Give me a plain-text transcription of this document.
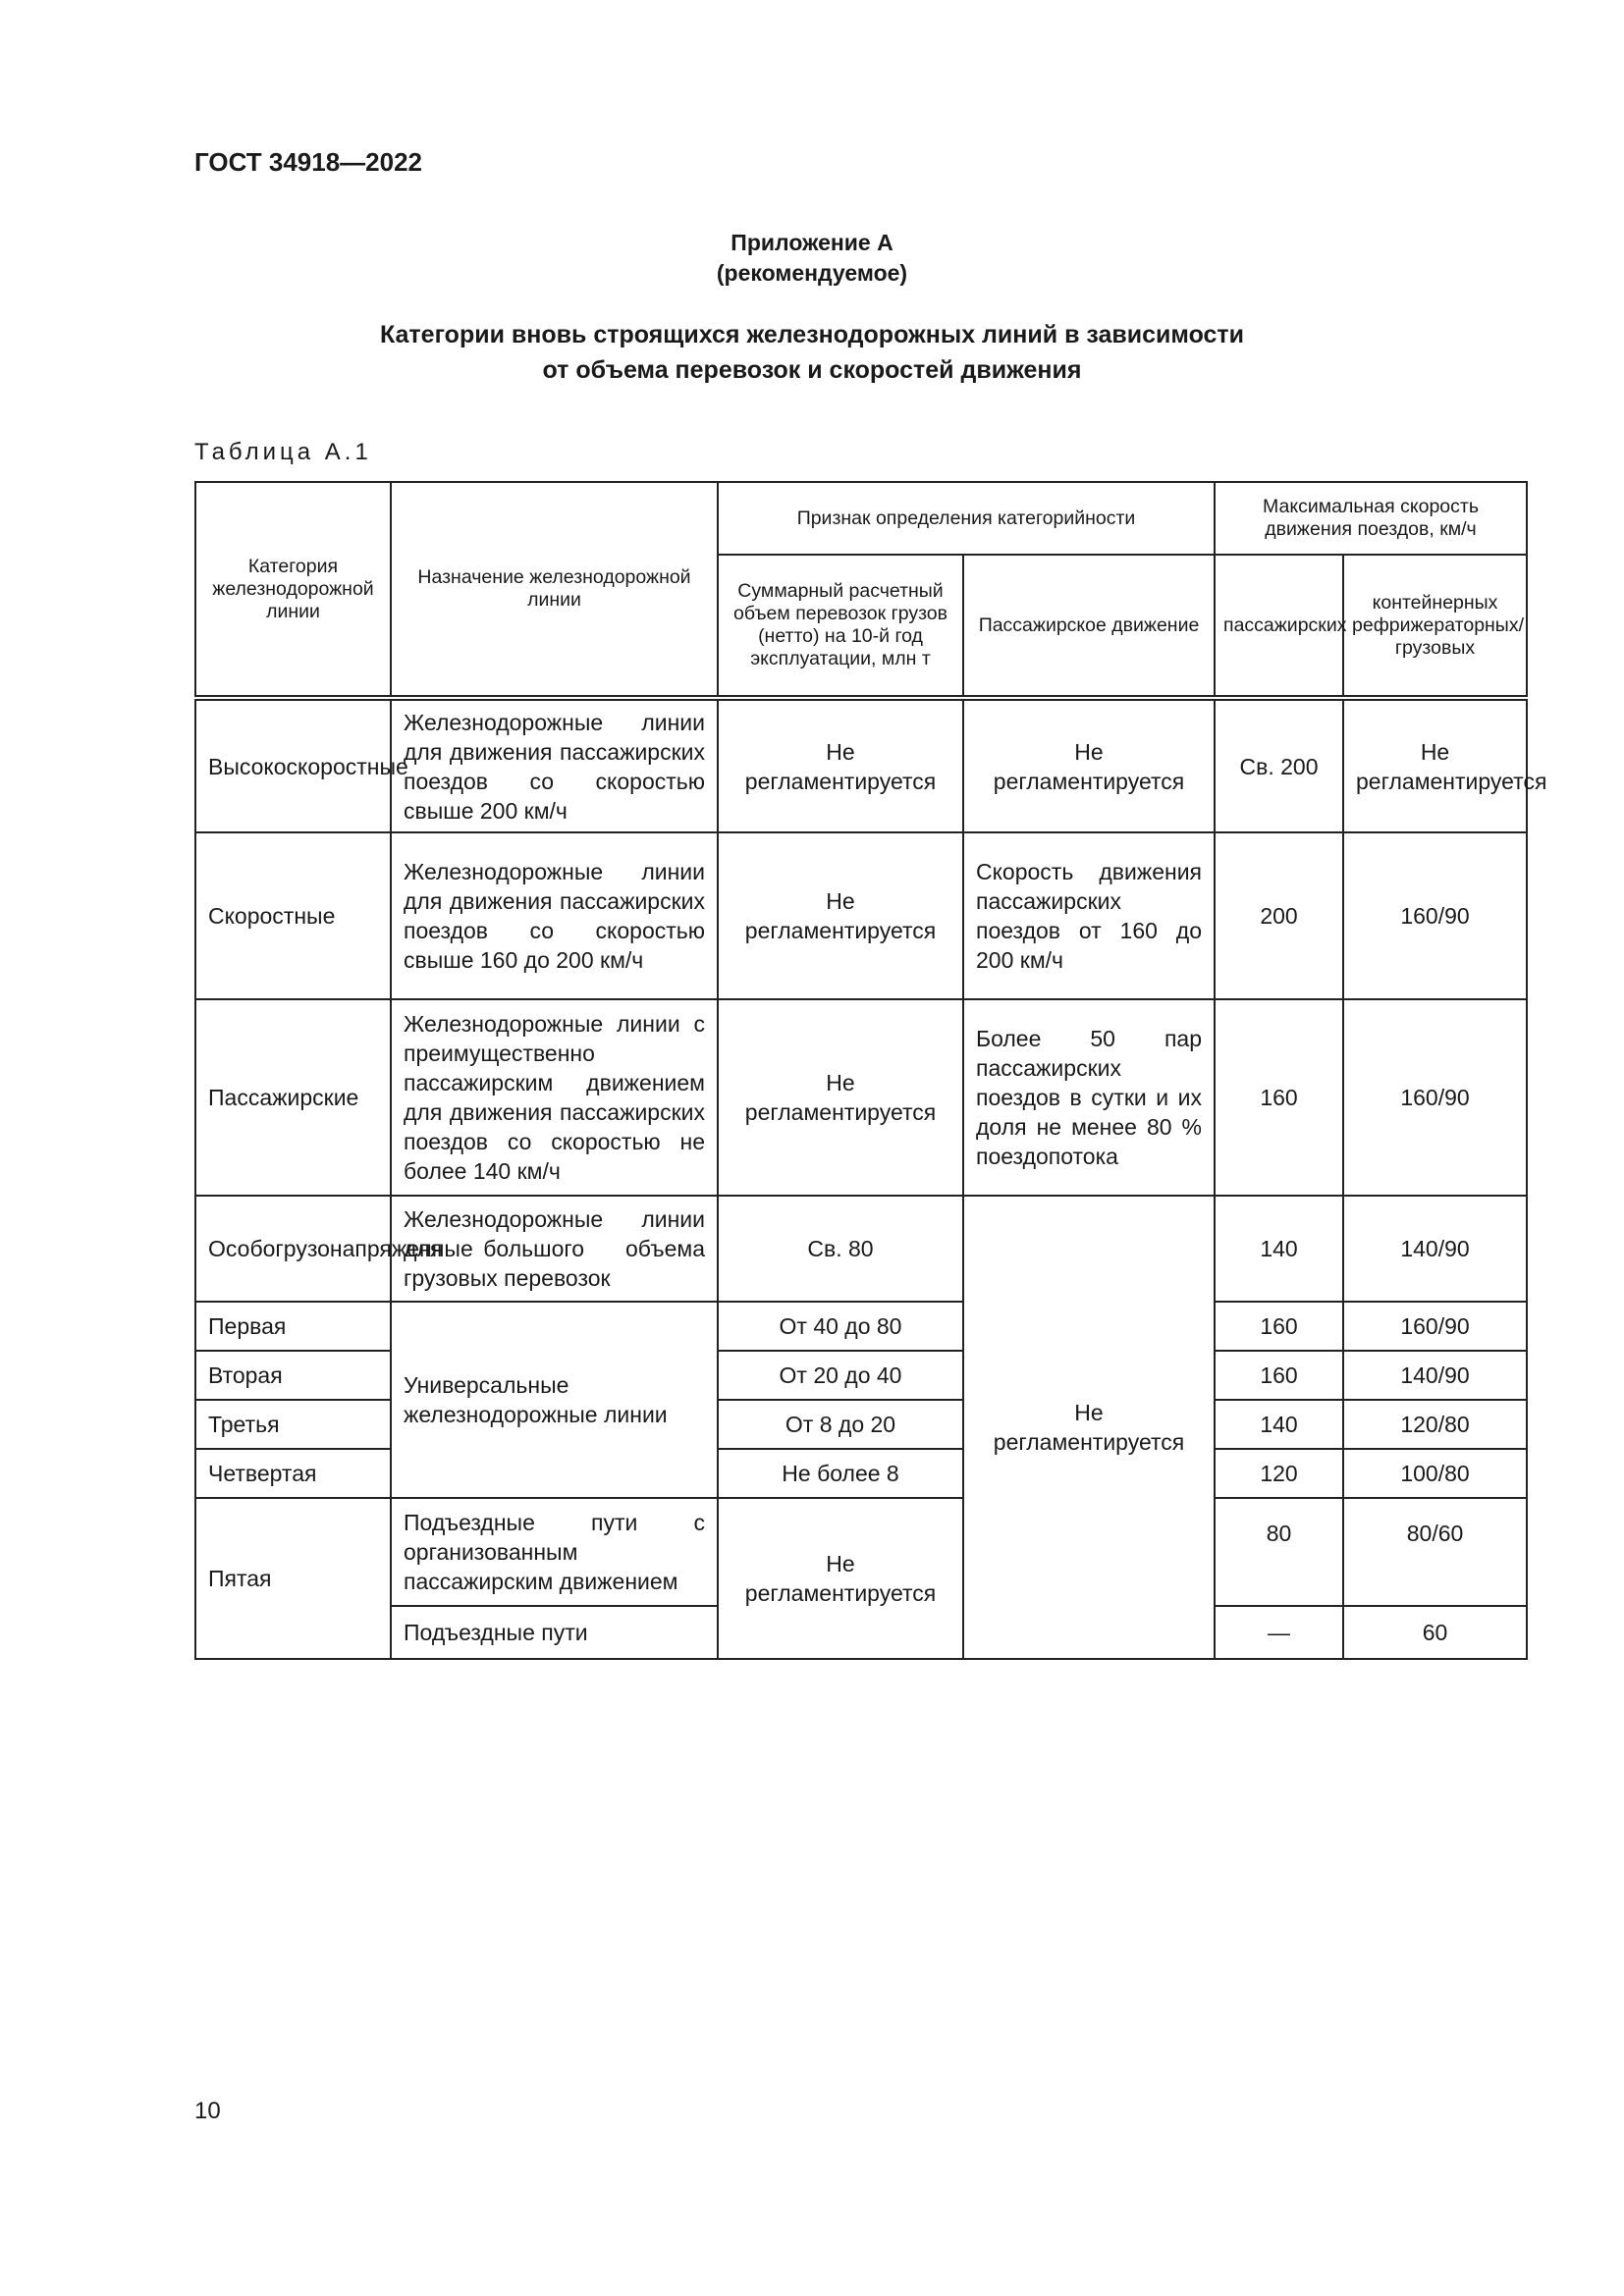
ГОСТ 34918—2022
Приложение А
(рекомендуемое)
Категории вновь строящихся железнодорожных линий в зависимости
от объема перевозок и скоростей движения
Таблица А.1
Категория железнодорожной линии	Назначение железнодорожной линии	Признак определения категорийности		Максимальная скорость движения поездов, км/ч	
		Суммарный расчетный объем перевозок грузов (нетто) на 10-й год эксплуатации, млн т	Пассажирское движение	пассажирских	контейнерных рефрижераторных/ грузовых
Высокоскоростные	Железнодорожные линии для движения пассажирских поездов со скоростью свыше 200 км/ч	Не регламентируется	Не регламентируется	Св. 200	Не регламентируется
Скоростные	Железнодорожные линии для движения пассажирских поездов со скоростью свыше 160 до 200 км/ч	Не регламентируется	Скорость движения пассажирских поездов от 160 до 200 км/ч	200	160/90
Пассажирские	Железнодорожные линии с преимущественно пассажирским движением для движения пассажирских поездов со скоростью не более 140 км/ч	Не регламентируется	Более 50 пар пассажирских поездов в сутки и их доля не менее 80 % поездопотока	160	160/90
Особогрузонапряженные	Железнодорожные линии для большого объема грузовых перевозок	Св. 80	Не регламентируется	140	140/90
Первая	Универсальные железнодорожные линии	От 40 до 80		160	160/90
Вторая		От 20 до 40		160	140/90
Третья		От 8 до 20		140	120/80
Четвертая		Не более 8		120	100/80
Пятая	Подъездные пути с организованным пассажирским движением	Не регламентируется		80	80/60
	Подъездные пути			—	60
10
